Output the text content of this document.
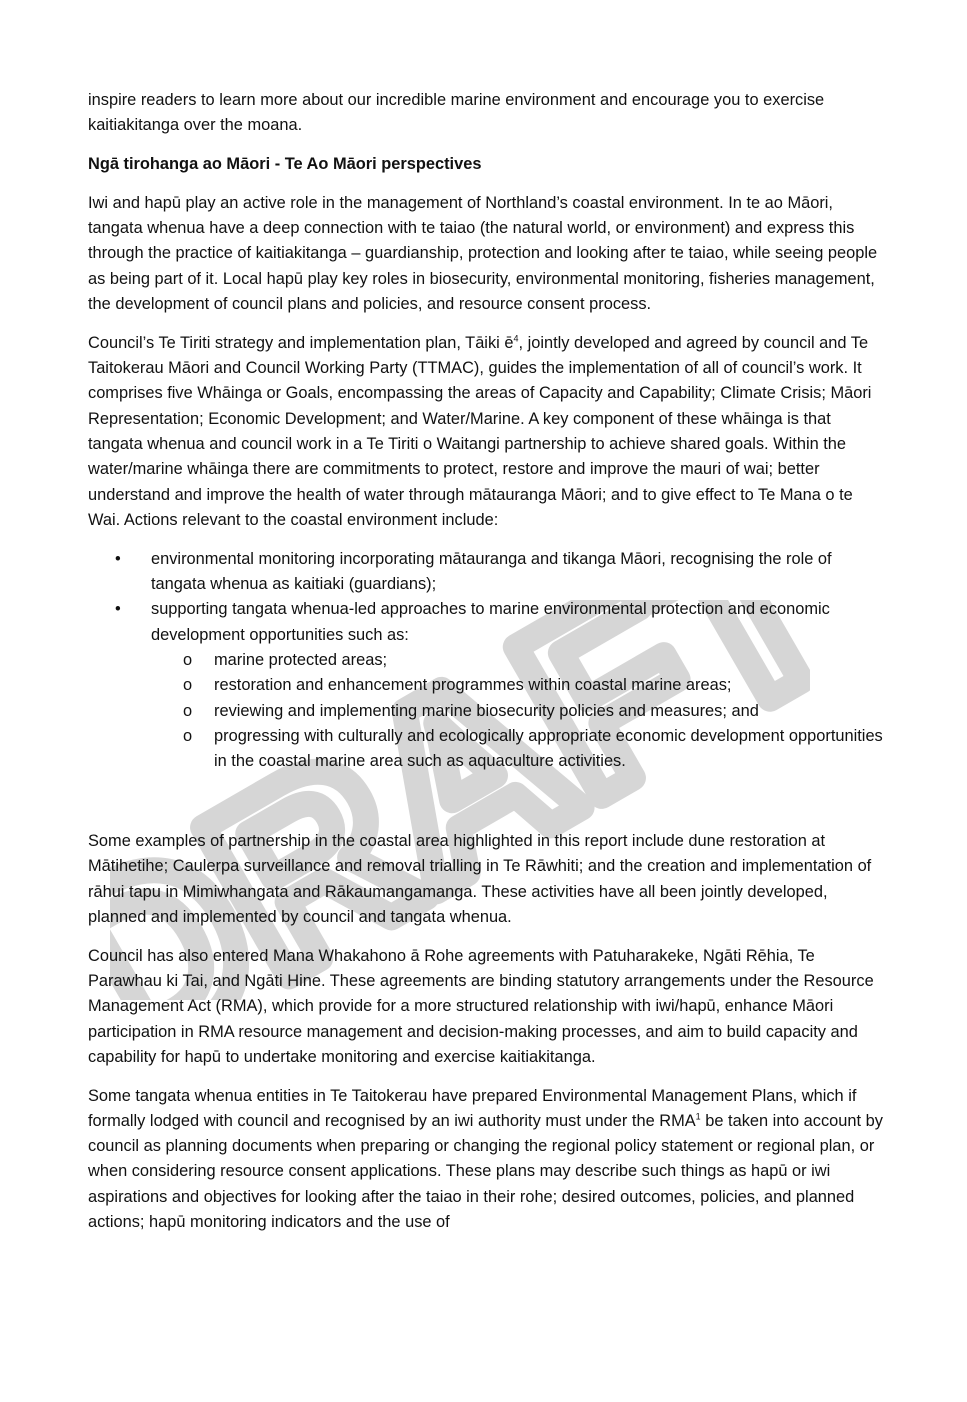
DRAFT

inspire readers to learn more about our incredible marine environment and encourage you to exercise kaitiakitanga over the moana.

Ngā tirohanga ao Māori - Te Ao Māori perspectives

Iwi and hapū play an active role in the management of Northland’s coastal environment. In te ao Māori, tangata whenua have a deep connection with te taiao (the natural world, or environment) and express this through the practice of kaitiakitanga – guardianship, protection and looking after te taiao, while seeing people as being part of it. Local hapū play key roles in biosecurity, environmental monitoring, fisheries management, the development of council plans and policies, and resource consent process.

Council’s Te Tiriti strategy and implementation plan, Tāiki $ē^4$, jointly developed and agreed by council and Te Taitokerau Māori and Council Working Party (TTMAC), guides the implementation of all of council’s work. It comprises five Whāinga or Goals, encompassing the areas of Capacity and Capability; Climate Crisis; Māori Representation; Economic Development; and Water/Marine. A key component of these whāinga is that tangata whenua and council work in a Te Tiriti o Waitangi partnership to achieve shared goals. Within the water/marine whāinga there are commitments to protect, restore and improve the mauri of wai; better understand and improve the health of water through mātauranga Māori; and to give effect to Te Mana o te Wai. Actions relevant to the coastal environment include:

• environmental monitoring incorporating mātauranga and tikanga Māori, recognising the role of tangata whenua as kaitiaki (guardians);
• supporting tangata whenua-led approaches to marine environmental protection and economic development opportunities such as:
o marine protected areas;
o restoration and enhancement programmes within coastal marine areas;
o reviewing and implementing marine biosecurity policies and measures; and
o progressing with culturally and ecologically appropriate economic development opportunities in the coastal marine area such as aquaculture activities.

Some examples of partnership in the coastal area highlighted in this report include dune restoration at Mātihetihe; Caulerpa surveillance and removal trialling in Te Rāwhiti; and the creation and implementation of rāhui tapu in Mimiwhangata and Rākaumangamanga. These activities have all been jointly developed, planned and implemented by council and tangata whenua.

Council has also entered Mana Whakahono ā Rohe agreements with Patuharakeke, Ngāti Rēhia, Te Parawhau ki Tai, and Ngāti Hine. These agreements are binding statutory arrangements under the Resource Management Act (RMA), which provide for a more structured relationship with iwi/hapū, enhance Māori participation in RMA resource management and decision-making processes, and aim to build capacity and capability for hapū to undertake monitoring and exercise kaitiakitanga.

Some tangata whenua entities in Te Taitokerau have prepared Environmental Management Plans, which if formally lodged with council and recognised by an iwi authority must under the RMA$^1$ be taken into account by council as planning documents when preparing or changing the regional policy statement or regional plan, or when considering resource consent applications. These plans may describe such things as hapū or iwi aspirations and objectives for looking after the taiao in their rohe; desired outcomes, policies, and planned actions; hapū monitoring indicators and the use of
